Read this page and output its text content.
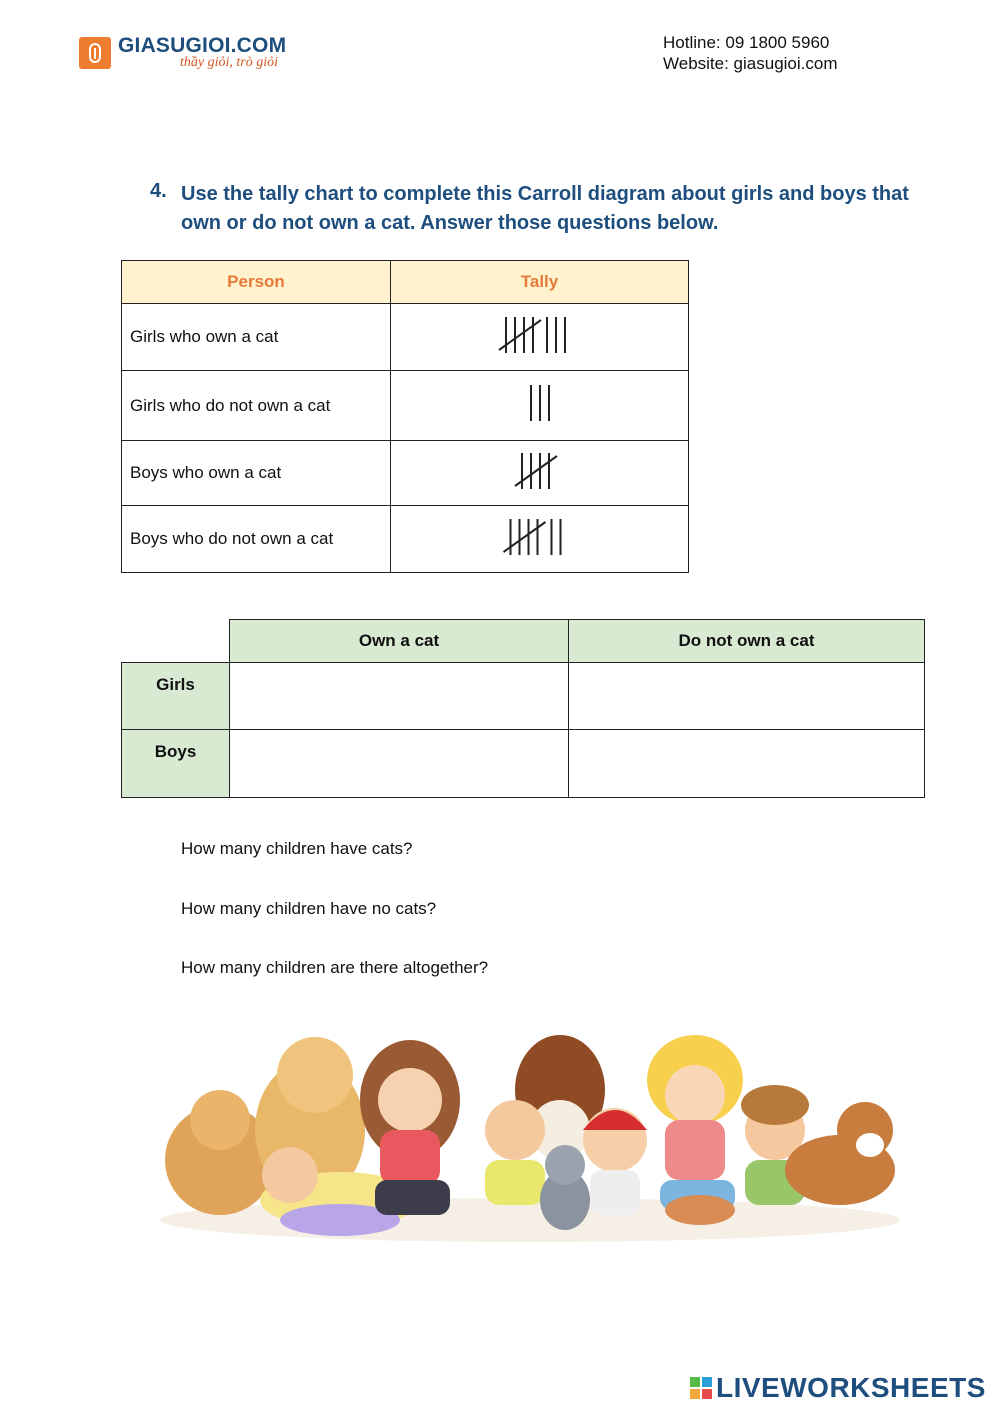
GIASUGIOI.COM
thầy giỏi, trò giỏi
Hotline: 09 1800 5960
Website: giasugioi.com
4. Use the tally chart to complete this Carroll diagram about girls and boys that own or do not own a cat. Answer those questions below.
Person	Tally
Girls who own a cat	
Girls who do not own a cat	
Boys who own a cat	
Boys who do not own a cat	
	Own a cat	Do not own a cat
Girls		
Boys		
How many children have cats?
How many children have no cats?
How many children are there altogether?
LIVEWORKSHEETS
